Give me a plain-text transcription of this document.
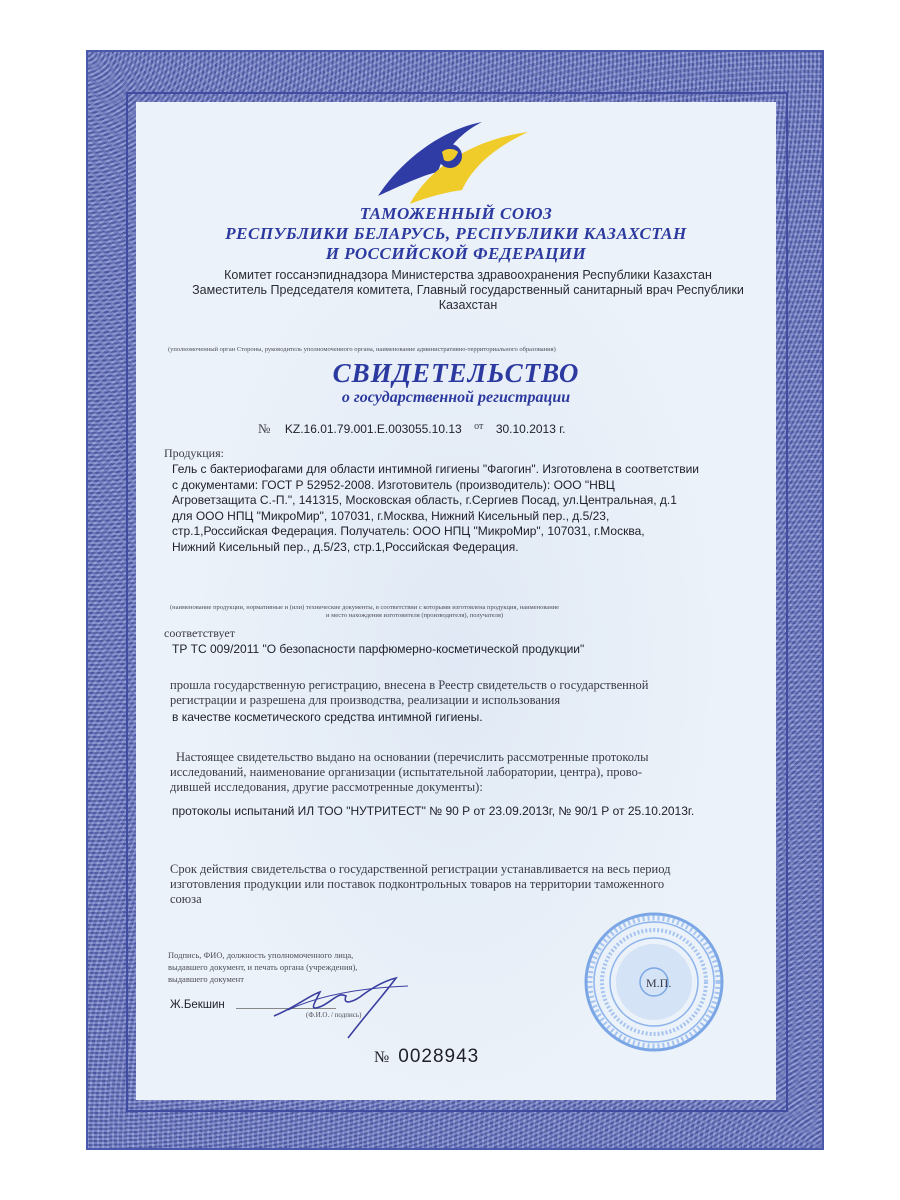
ТАМОЖЕННЫЙ СОЮЗ
РЕСПУБЛИКИ БЕЛАРУСЬ, РЕСПУБЛИКИ КАЗАХСТАН
И РОССИЙСКОЙ ФЕДЕРАЦИИ
Комитет госсанэпиднадзора Министерства здравоохранения Республики Казахстан
Заместитель Председателя комитета, Главный государственный санитарный врач Республики
Казахстан
(уполномоченный орган Стороны, руководитель уполномоченного органа, наименование административно-территориального образования)
СВИДЕТЕЛЬСТВО
о государственной регистрации
№ KZ.16.01.79.001.Е.003055.10.13 $^{от}$ 30.10.2013 г.
Продукция:
Гель с бактериофагами для области интимной гигиены "Фагогин". Изготовлена в соответствии
с документами: ГОСТ Р 52952-2008. Изготовитель (производитель): ООО "НВЦ
Агроветзащита С.-П.", 141315, Московская область, г.Сергиев Посад, ул.Центральная, д.1
для ООО НПЦ "МикроМир", 107031, г.Москва, Нижний Кисельный пер., д.5/23,
стр.1,Российская Федерация. Получатель: ООО НПЦ "МикроМир", 107031, г.Москва,
Нижний Кисельный пер., д.5/23, стр.1,Российская Федерация.
(наименование продукции, нормативные и (или) технические документы, в соответствии с которыми изготовлена продукция, наименование
и место нахождения изготовителя (производителя), получателя)
соответствует
ТР ТС 009/2011 "О безопасности парфюмерно-косметической продукции"
прошла государственную регистрацию, внесена в Реестр свидетельств о государственной
регистрации и разрешена для производства, реализации и использования
в качестве косметического средства интимной гигиены.
Настоящее свидетельство выдано на основании (перечислить рассмотренные протоколы
исследований, наименование организации (испытательной лаборатории, центра), прово-
дившей исследования, другие рассмотренные документы):
протоколы испытаний ИЛ ТОО "НУТРИТЕСТ" № 90 Р от 23.09.2013г, № 90/1 Р от 25.10.2013г.
Срок действия свидетельства о государственной регистрации устанавливается на весь период
изготовления продукции или поставок подконтрольных товаров на территории таможенного
союза
Подпись, ФИО, должность уполномоченного лица,
выдавшего документ, и печать органа (учреждения),
выдавшего документ
Ж.Бекшин
(Ф.И.О. / подпись)
М.П.
№ 0028943
